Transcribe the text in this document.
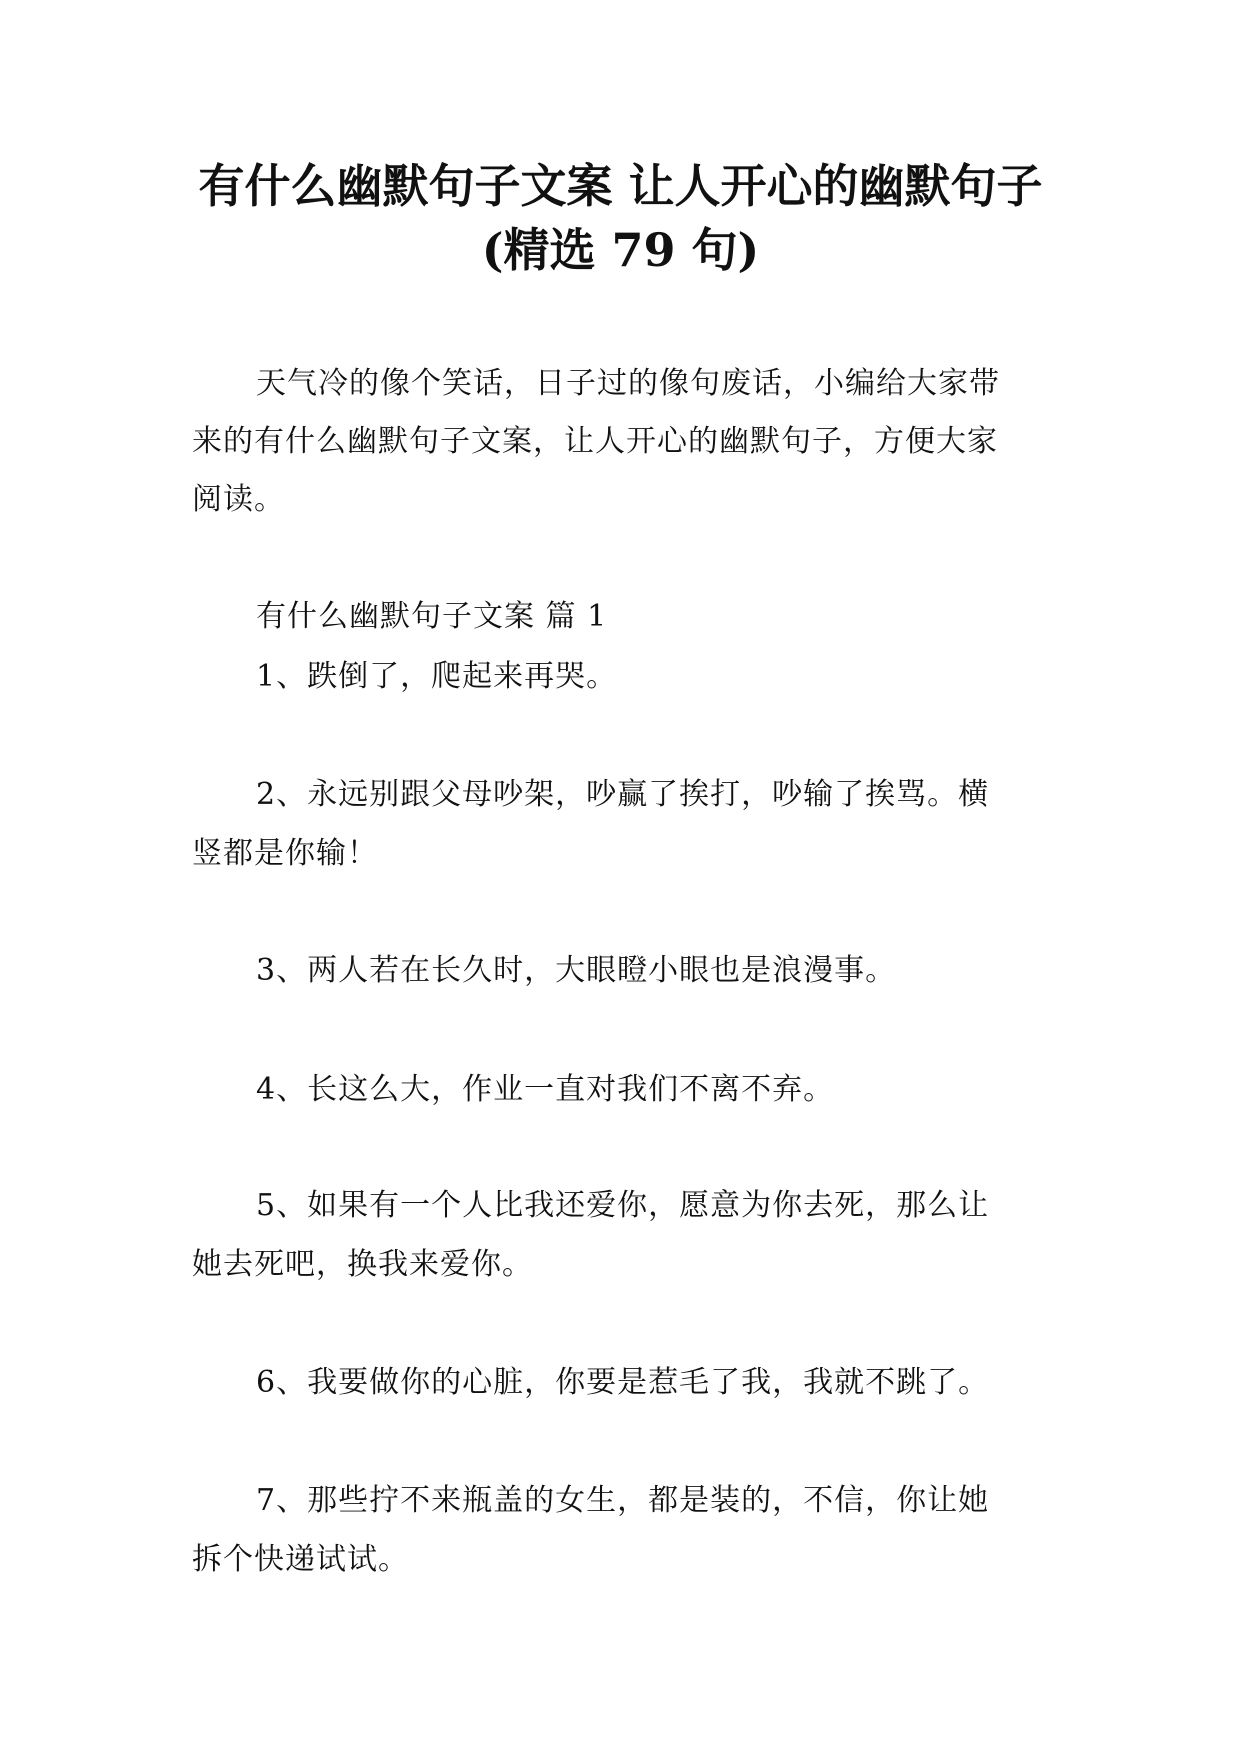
有什么幽默句子文案 让人开心的幽默句子
(精选 79 句)

天气冷的像个笑话，日子过的像句废话，小编给大家带

来的有什么幽默句子文案，让人开心的幽默句子，方便大家

阅读。

有什么幽默句子文案 篇 1

1、跌倒了，爬起来再哭。

2、永远别跟父母吵架，吵赢了挨打，吵输了挨骂。横

竖都是你输！

3、两人若在长久时，大眼瞪小眼也是浪漫事。

4、长这么大，作业一直对我们不离不弃。

5、如果有一个人比我还爱你，愿意为你去死，那么让

她去死吧，换我来爱你。

6、我要做你的心脏，你要是惹毛了我，我就不跳了。

7、那些拧不来瓶盖的女生，都是装的，不信，你让她

拆个快递试试。
